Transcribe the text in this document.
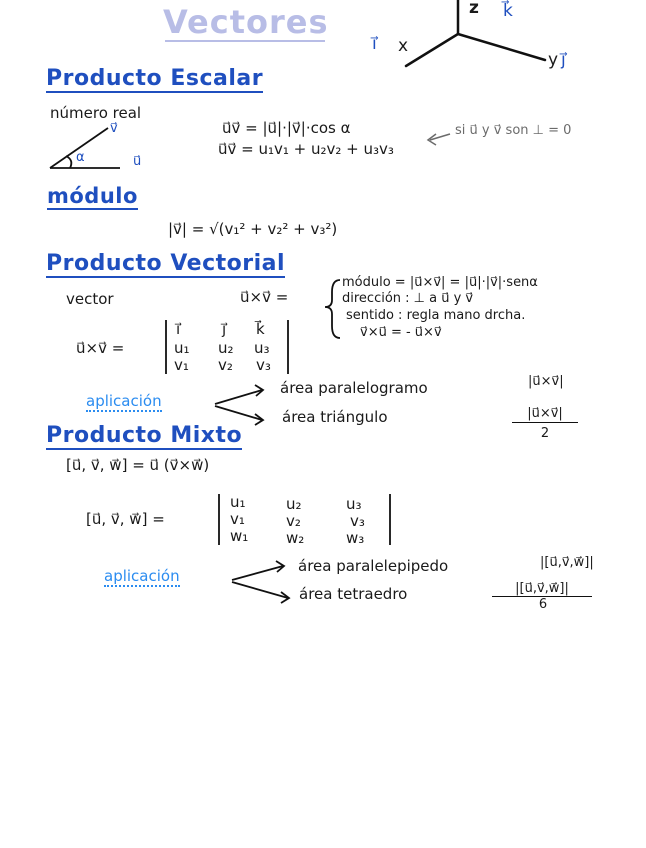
Vectores	z k⃗
i⃗ x
y j⃗
Producto Escalar
número real
v⃗
α	u⃗
u⃗v⃗ = |u⃗|·|v⃗|·cos α
u⃗v⃗ = u₁v₁ + u₂v₂ + u₃v₃
si u⃗ y v⃗ son ⊥ = 0
módulo
|v⃗| = √(v₁² + v₂² + v₃²)
Producto Vectorial
vector	u⃗×v⃗ =
módulo = |u⃗×v⃗| = |u⃗|·|v⃗|·senα
dirección : ⊥ a u⃗ y v⃗
sentido : regla mano drcha.
v⃗×u⃗ = - u⃗×v⃗
u⃗×v⃗ =
i⃗	j⃗ k⃗
u₁ u₂ u₃
v₁ v₂ v₃
aplicación
área paralelogramo	|u⃗×v⃗|
área triángulo	|u⃗×v⃗|
2
Producto Mixto
[u⃗, v⃗, w⃗] = u⃗ (v⃗×w⃗)
[u⃗, v⃗, w⃗] =
u₁	u₂	u₃
v₁	v₂	v₃
w₁	w₂	w₃
aplicación
área paralelepipedo	|[u⃗,v⃗,w⃗]|
área tetraedro	|[u⃗,v⃗,w⃗]|
6
